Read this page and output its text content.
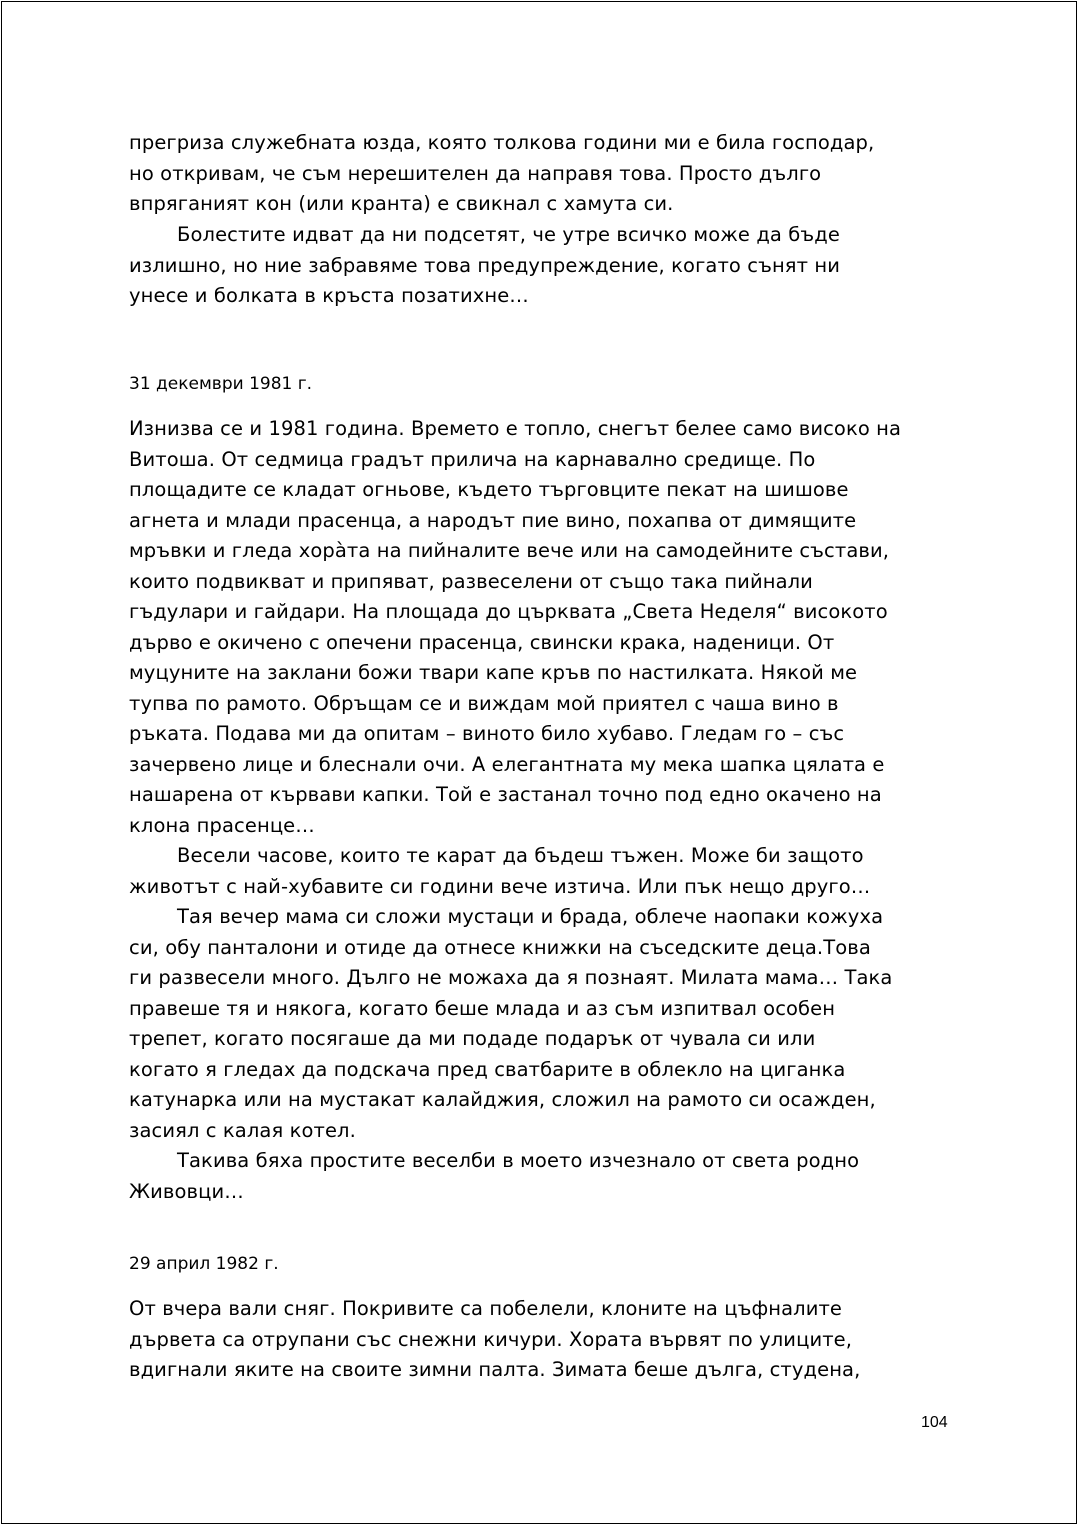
прегриза служебната юзда, която толкова години ми е била господар,
но откривам, че съм нерешителен да направя това. Просто дълго
впряганият кон (или кранта) е свикнал с хамута си.
Болестите идват да ни подсетят, че утре всичко може да бъде
излишно, но ние забравяме това предупреждение, когато сънят ни
унесе и болката в кръста позатихне…
31 декември 1981 г.
Изнизва се и 1981 година. Времето е топло, снегът белее само високо на
Витоша. От седмица градът прилича на карнавално средище. По
площадите се кладат огньове, където търговците пекат на шишове
агнета и млади прасенца, а народът пие вино, похапва от димящите
мръвки и гледа хорàта на пийналите вече или на самодейните състави,
които подвикват и припяват, развеселени от също така пийнали
гъдулари и гайдари. На площада до църквата „Света Неделя“ високото
дърво е окичено с опечени прасенца, свински крака, наденици. От
муцуните на заклани божи твари капе кръв по настилката. Някой ме
тупва по рамото. Обръщам се и виждам мой приятел с чаша вино в
ръката. Подава ми да опитам – виното било хубаво. Гледам го – със
зачервено лице и блеснали очи. А елегантната му мека шапка цялата е
нашарена от кървави капки. Той е застанал точно под едно окачено на
клона прасенце…
Весели часове, които те карат да бъдеш тъжен. Може би защото
животът с най-хубавите си години вече изтича. Или пък нещо друго…
Тая вечер мама си сложи мустаци и брада, облече наопаки кожуха
си, обу панталони и отиде да отнесе книжки на съседските деца.Това
ги развесели много. Дълго не можаха да я познаят. Милата мама… Така
правеше тя и някога, когато беше млада и аз съм изпитвал особен
трепет, когато посягаше да ми подаде подарък от чувала си или
когато я гледах да подскача пред сватбарите в облекло на циганка
катунарка или на мустакат калайджия, сложил на рамото си осажден,
засиял с калая котел.
Такива бяха простите веселби в моето изчезнало от света родно
Живовци…
29 април 1982 г.
От вчера вали сняг. Покривите са побелели, клоните на цъфналите
дървета са отрупани със снежни кичури. Хората вървят по улиците,
вдигнали яките на своите зимни палта. Зимата беше дълга, студена,
104
